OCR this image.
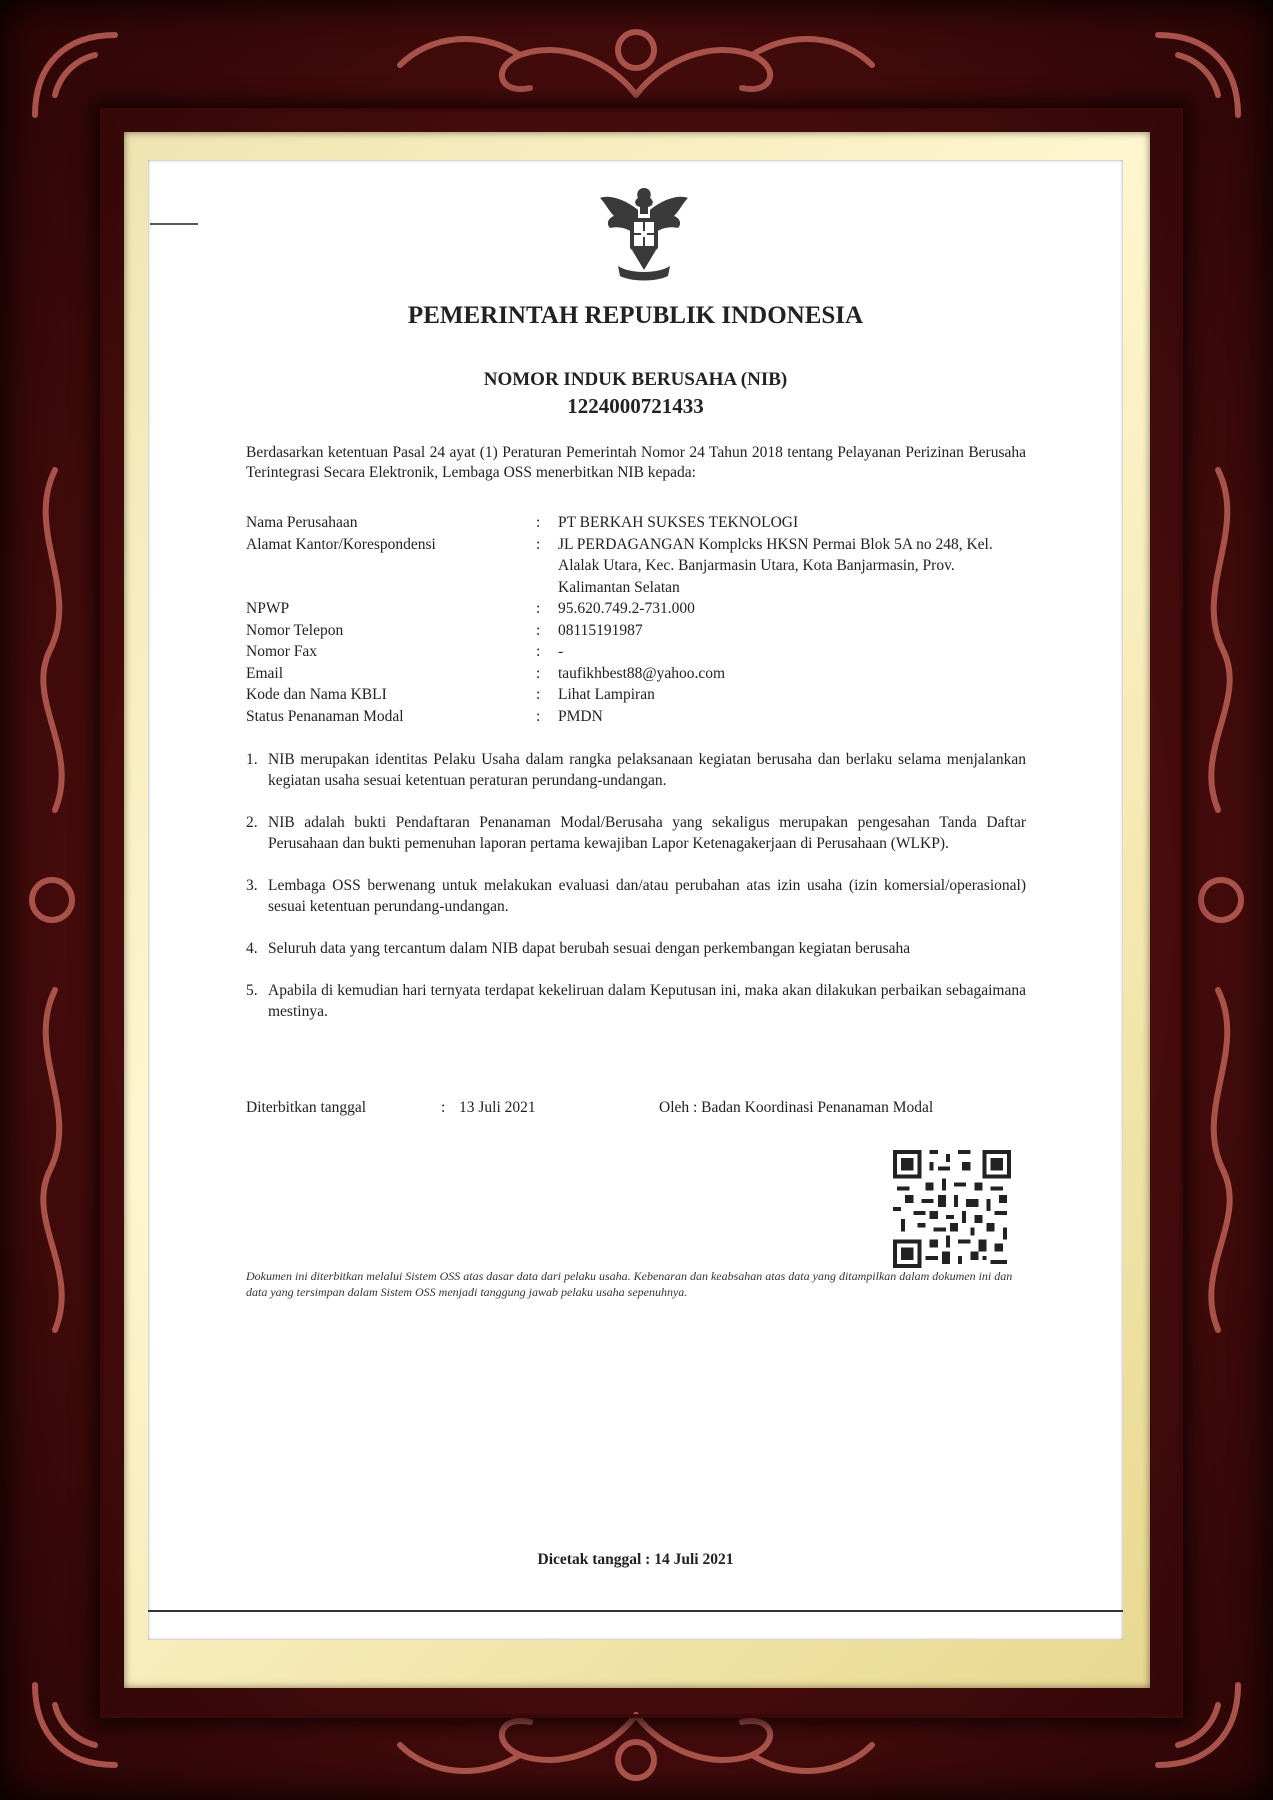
PEMERINTAH REPUBLIK INDONESIA
NOMOR INDUK BERUSAHA (NIB)
1224000721433
Berdasarkan ketentuan Pasal 24 ayat (1) Peraturan Pemerintah Nomor 24 Tahun 2018 tentang Pelayanan Perizinan Berusaha Terintegrasi Secara Elektronik, Lembaga OSS menerbitkan NIB kepada:
Nama Perusahaan	:	PT BERKAH SUKSES TEKNOLOGI
Alamat Kantor/Korespondensi	:	JL PERDAGANGAN Komplcks HKSN Permai Blok 5A no 248, Kel. Alalak Utara, Kec. Banjarmasin Utara, Kota Banjarmasin, Prov. Kalimantan Selatan
NPWP	:	95.620.749.2-731.000
Nomor Telepon	:	08115191987
Nomor Fax	:	-
Email	:	taufikhbest88@yahoo.com
Kode dan Nama KBLI	:	Lihat Lampiran
Status Penanaman Modal	:	PMDN
1. NIB merupakan identitas Pelaku Usaha dalam rangka pelaksanaan kegiatan berusaha dan berlaku selama menjalankan kegiatan usaha sesuai ketentuan peraturan perundang-undangan.
2. NIB adalah bukti Pendaftaran Penanaman Modal/Berusaha yang sekaligus merupakan pengesahan Tanda Daftar Perusahaan dan bukti pemenuhan laporan pertama kewajiban Lapor Ketenagakerjaan di Perusahaan (WLKP).
3. Lembaga OSS berwenang untuk melakukan evaluasi dan/atau perubahan atas izin usaha (izin komersial/operasional) sesuai ketentuan perundang-undangan.
4. Seluruh data yang tercantum dalam NIB dapat berubah sesuai dengan perkembangan kegiatan berusaha
5. Apabila di kemudian hari ternyata terdapat kekeliruan dalam Keputusan ini, maka akan dilakukan perbaikan sebagaimana mestinya.
Diterbitkan tanggal	: 13 Juli 2021	Oleh : Badan Koordinasi Penanaman Modal
Dokumen ini diterbitkan melalui Sistem OSS atas dasar data dari pelaku usaha. Kebenaran dan keabsahan atas data yang ditampilkan dalam dokumen ini dan data yang tersimpan dalam Sistem OSS menjadi tanggung jawab pelaku usaha sepenuhnya.
Dicetak tanggal : 14 Juli 2021
